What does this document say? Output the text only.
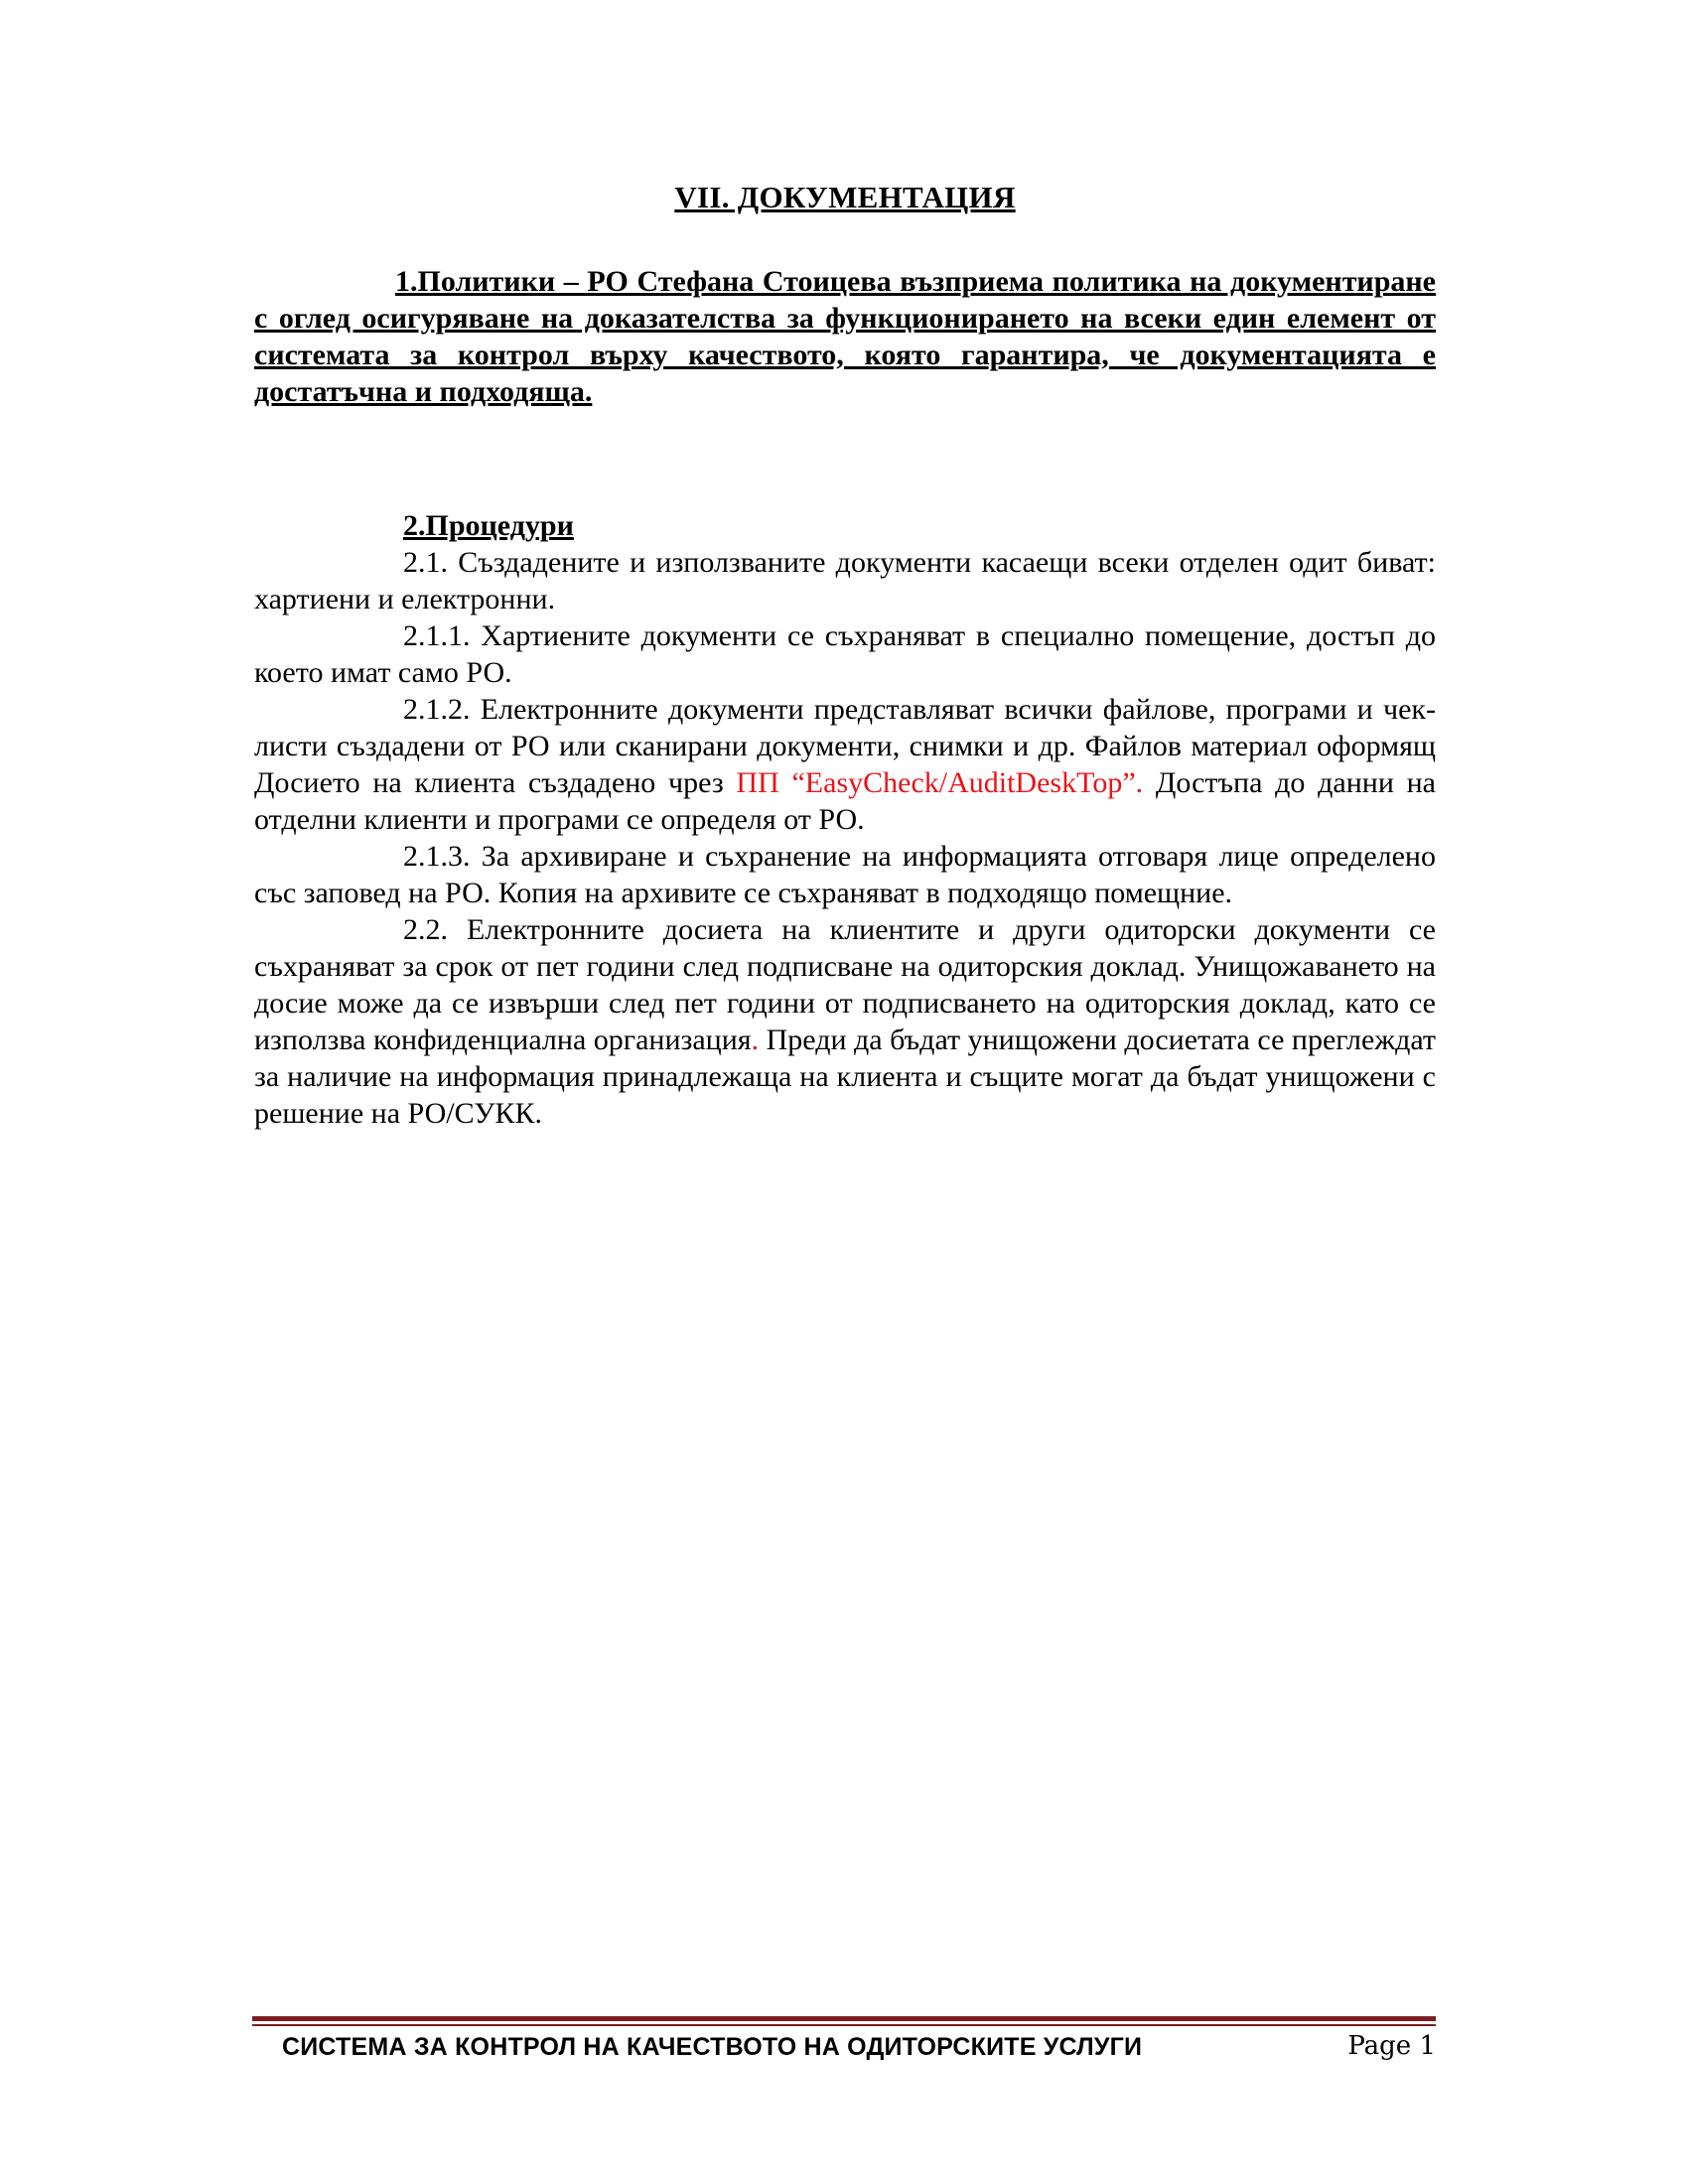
VII. ДОКУМЕНТАЦИЯ

1.Политики – РО Стефана Стоицева възприема политика на документиране с оглед осигуряване на доказателства за функционирането на всеки един елемент от системата за контрол върху качеството, която гарантира, че документацията е достатъчна и подходяща.

2.Процедури

2.1. Създадените и използваните документи касаещи всеки отделен одит биват: хартиени и електронни.

2.1.1. Хартиените документи се съхраняват в специално помещение, достъп до което имат само РО.

2.1.2. Електронните документи представляват всички файлове, програми и чек-листи създадени от РО или сканирани документи, снимки и др. Файлов материал оформящ Досието на клиента създадено чрез ПП “EasyCheck/AuditDeskTop”. Достъпа до данни на отделни клиенти и програми се определя от РО.

2.1.3. За архивиране и съхранение на информацията отговаря лице определено със заповед на РО. Копия на архивите се съхраняват в подходящо помещние.

2.2. Електронните досиета на клиентите и други одиторски документи се съхраняват за срок от пет години след подписване на одиторския доклад. Унищожаването на досие може да се извърши след пет години от подписването на одиторския доклад, като се използва конфиденциална организация. Преди да бъдат унищожени досиетата се преглеждат за наличие на информация принадлежаща на клиента и същите могат да бъдат унищожени с решение на РО/СУКК.

СИСТЕМА ЗА КОНТРОЛ НА КАЧЕСТВОТО НА ОДИТОРСКИТЕ УСЛУГИ	Page 1
